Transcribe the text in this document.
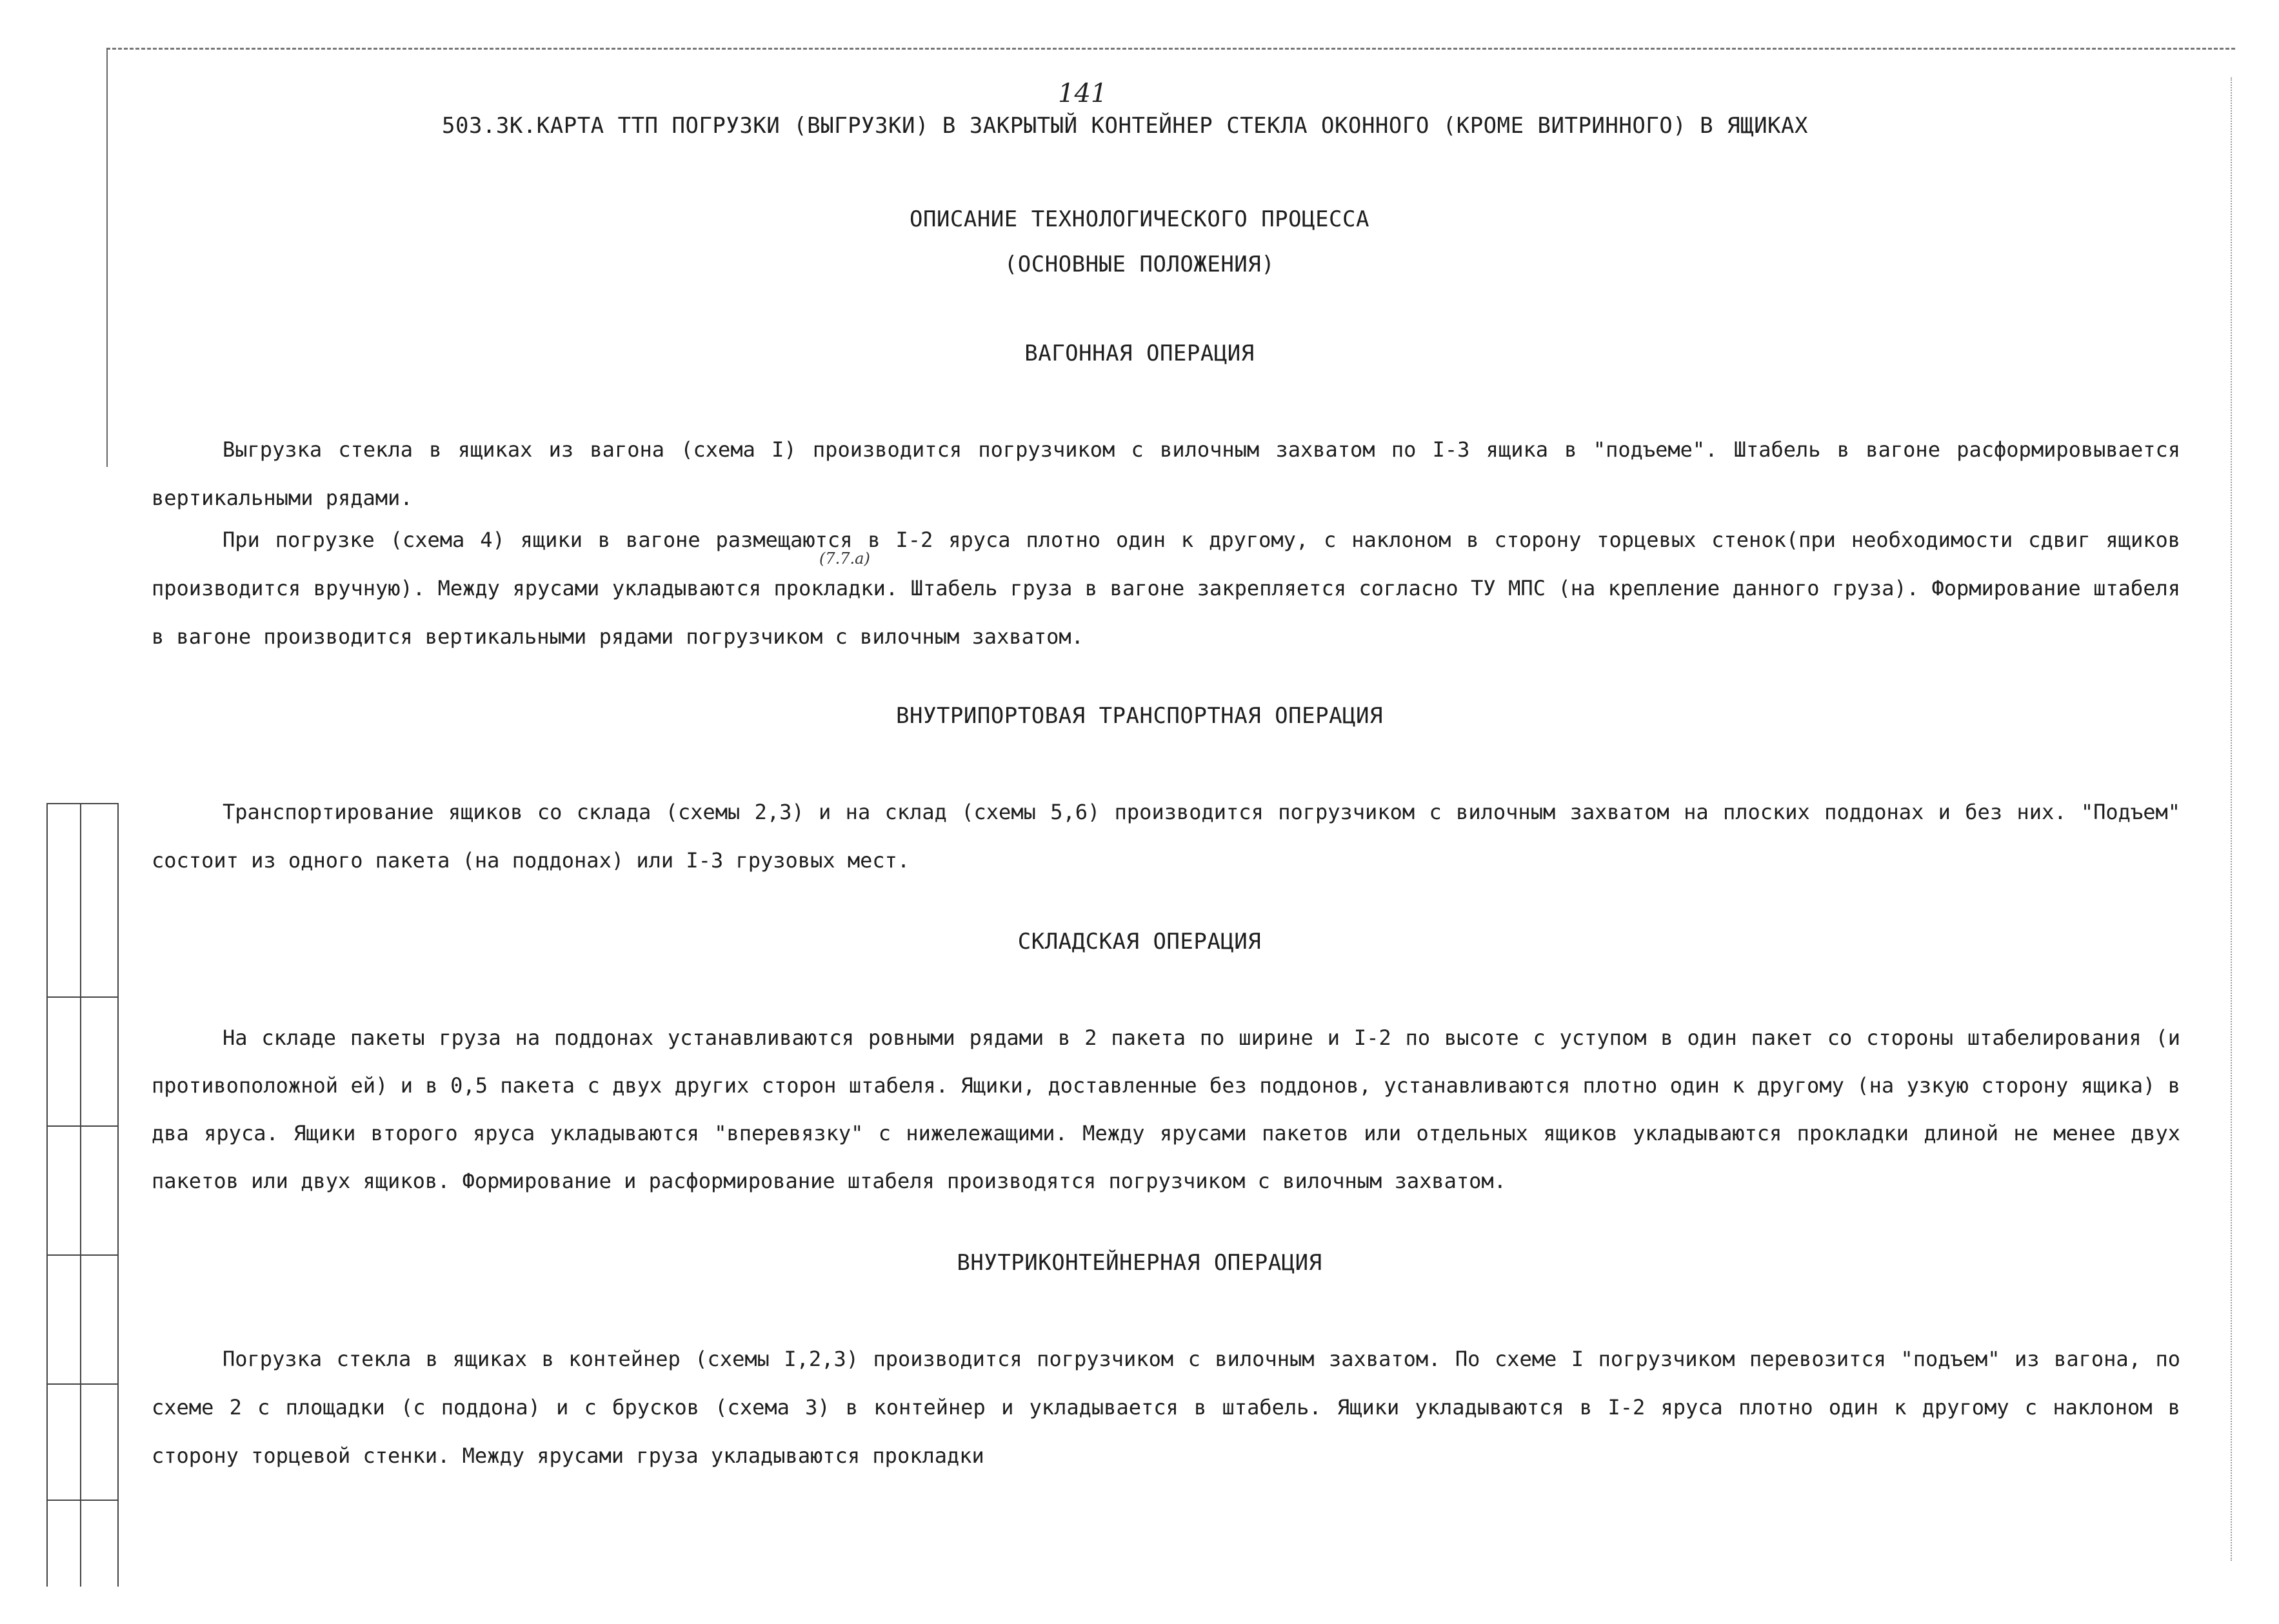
141
503.ЗК.КАРТА ТТП ПОГРУЗКИ (ВЫГРУЗКИ) В ЗАКРЫТЫЙ КОНТЕЙНЕР СТЕКЛА ОКОННОГО (КРОМЕ ВИТРИННОГО) В ЯЩИКАХ
ОПИСАНИЕ ТЕХНОЛОГИЧЕСКОГО ПРОЦЕССА
(ОСНОВНЫЕ ПОЛОЖЕНИЯ)
ВАГОННАЯ ОПЕРАЦИЯ

Выгрузка стекла в ящиках из вагона (схема I) производится погрузчиком с вилочным захватом по I-3 ящика в "подъеме". Штабель в вагоне расформировывается вертикальными рядами.

При погрузке (схема 4) ящики в вагоне размещаются в I-2 яруса плотно один к другому, с наклоном в сторону торцевых стенок(при необходимости сдвиг ящиков производится вручную). Между ярусами укладываются прокладки. Штабель груза в вагоне закрепляется согласно ТУ МПС (на крепление данного груза). Формирование штабеля в вагоне производится вертикальными рядами погрузчиком с вилочным захватом.

(7.7.а)
ВНУТРИПОРТОВАЯ ТРАНСПОРТНАЯ ОПЕРАЦИЯ

Транспортирование ящиков со склада (схемы 2,3) и на склад (схемы 5,6) производится погрузчиком с вилочным захватом на плоских поддонах и без них. "Подъем" состоит из одного пакета (на поддонах) или I-3 грузовых мест.

СКЛАДСКАЯ ОПЕРАЦИЯ

На складе пакеты груза на поддонах устанавливаются ровными рядами в 2 пакета по ширине и I-2 по высоте с уступом в один пакет со стороны штабелирования (и противоположной ей) и в 0,5 пакета с двух других сторон штабеля. Ящики, доставленные без поддонов, устанавливаются плотно один к другому (на узкую сторону ящика) в два яруса. Ящики второго яруса укладываются "вперевязку" с нижележащими. Между ярусами пакетов или отдельных ящиков укладываются прокладки длиной не менее двух пакетов или двух ящиков. Формирование и расформирование штабеля производятся погрузчиком с вилочным захватом.

ВНУТРИКОНТЕЙНЕРНАЯ ОПЕРАЦИЯ

Погрузка стекла в ящиках в контейнер (схемы I,2,3) производится погрузчиком с вилочным захватом. По схеме I погрузчиком перевозится "подъем" из вагона, по схеме 2 с площадки (с поддона) и с брусков (схема 3) в контейнер и укладывается в штабель. Ящики укладываются в I-2 яруса плотно один к другому с наклоном в сторону торцевой стенки. Между ярусами груза укладываются прокладки
